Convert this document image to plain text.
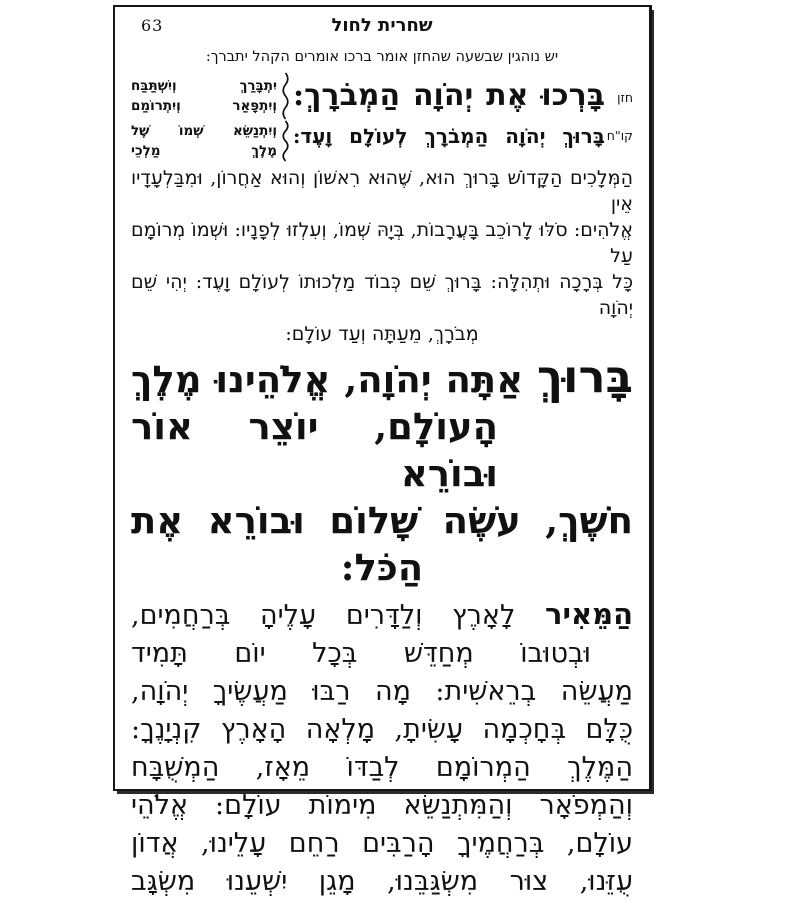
63	שחרית לחול
יש נוהגין שבשעה שהחזן אומר ברכו אומרים הקהל יתברך:
חזן
בָּרְכוּ אֶת יְהֹוָה הַמְבֹרָךְ:
יִתְבָּרַךְ וְיִשְׁתַּבַּח
וְיִתְפָּאַר וְיִתְרוֹמַם
קו"ח
בָּרוּךְ יְהֹוָה הַמְבֹרָךְ לְעוֹלָם וָעֶד:
וְיִתְנַשֵּׂא שְׁמוֹ שֶׁל
מֶלֶךְ מַלְכֵי
הַמְּלָכִים הַקָּדוֹשׁ בָּרוּךְ הוּא, שֶׁהוּא רִאשׁוֹן וְהוּא אַחֲרוֹן, וּמִבַּלְעָדָיו אֵין
אֱלֹהִים: סֹלּוּ לָרוֹכֵב בָּעֲרָבוֹת, בְּיָהּ שְׁמוֹ, וְעִלְזוּ לְפָנָיו: וּשְׁמוֹ מְרוֹמָם עַל
כָּל בְּרָכָה וּתְהִלָּה: בָּרוּךְ שֵׁם כְּבוֹד מַלְכוּתוֹ לְעוֹלָם וָעֶד: יְהִי שֵׁם יְהֹוָה
מְבֹרָךְ, מֵעַתָּה וְעַד עוֹלָם:
בָּרוּךְ אַתָּה יְהֹוָה, אֱלֹהֵינוּ מֶלֶךְ
הָעוֹלָם, יוֹצֵר אוֹר וּבוֹרֵא
חֹשֶׁךְ, עֹשֶׂה שָׁלוֹם וּבוֹרֵא אֶת
הַכֹּל:
הַמֵּאִיר לָאָרֶץ וְלַדָּרִים עָלֶיהָ בְּרַחֲמִים,
וּבְטוּבוֹ מְחַדֵּשׁ בְּכָל יוֹם תָּמִיד
מַעֲשֵׂה בְרֵאשִׁית: מָה רַבּוּ מַעֲשֶׂיךָ יְהֹוָה,
כֻּלָּם בְּחָכְמָה עָשִׂיתָ, מָלְאָה הָאָרֶץ קִנְיָנֶךָ:
הַמֶּלֶךְ הַמְרוֹמָם לְבַדּוֹ מֵאָז, הַמְשֻׁבָּח
וְהַמְפֹאָר וְהַמִּתְנַשֵּׂא מִימוֹת עוֹלָם: אֱלֹהֵי
עוֹלָם, בְּרַחֲמֶיךָ הָרַבִּים רַחֵם עָלֵינוּ, אֲדוֹן
עֻזֵּנוּ, צוּר מִשְׂגַּבֵּנוּ, מָגֵן יִשְׁעֵנוּ מִשְׂגָּב
